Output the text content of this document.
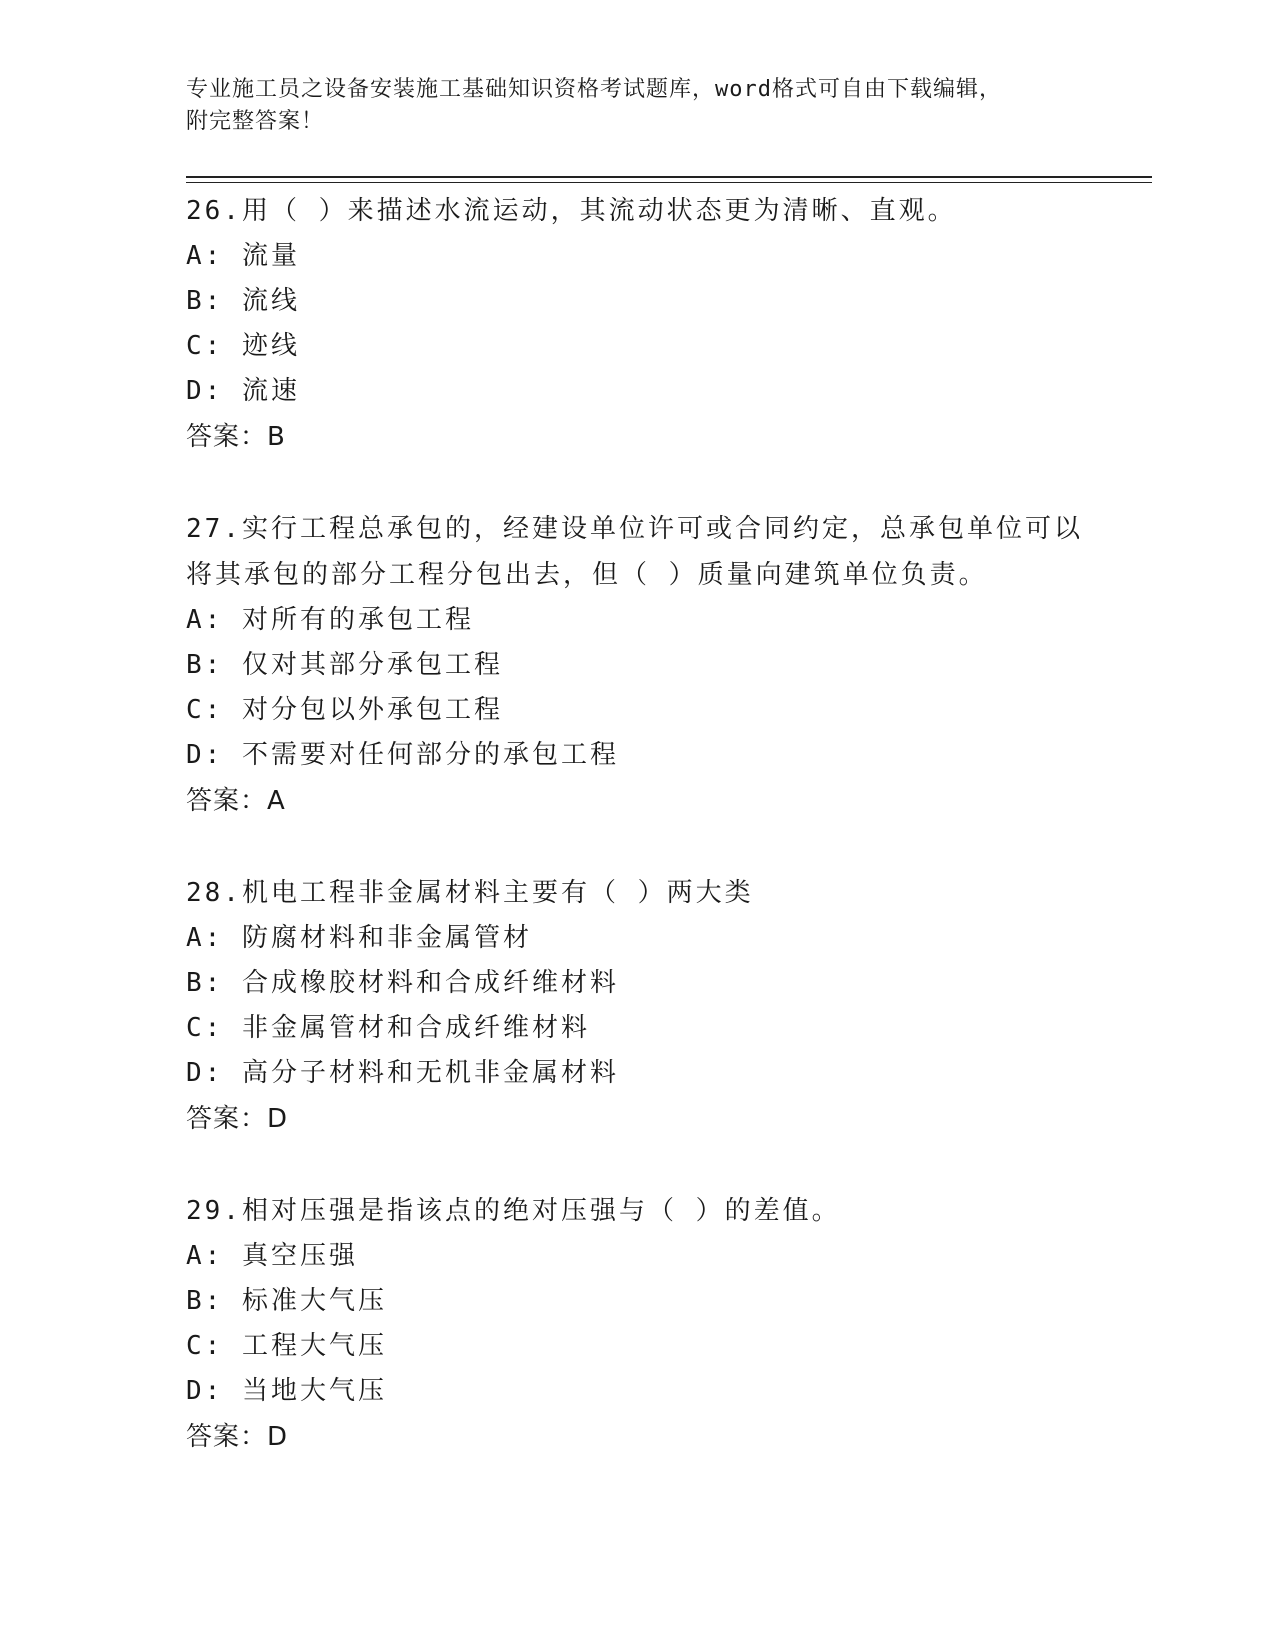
专业施工员之设备安装施工基础知识资格考试题库，word格式可自由下载编辑，
附完整答案！
26.用（ ）来描述水流运动，其流动状态更为清晰、直观。
A: 流量
B: 流线
C: 迹线
D: 流速
答案：B
27.实行工程总承包的，经建设单位许可或合同约定，总承包单位可以
将其承包的部分工程分包出去，但（ ）质量向建筑单位负责。
A: 对所有的承包工程
B: 仅对其部分承包工程
C: 对分包以外承包工程
D: 不需要对任何部分的承包工程
答案：A
28.机电工程非金属材料主要有（ ）两大类
A: 防腐材料和非金属管材
B: 合成橡胶材料和合成纤维材料
C: 非金属管材和合成纤维材料
D: 高分子材料和无机非金属材料
答案：D
29.相对压强是指该点的绝对压强与（ ）的差值。
A: 真空压强
B: 标准大气压
C: 工程大气压
D: 当地大气压
答案：D
